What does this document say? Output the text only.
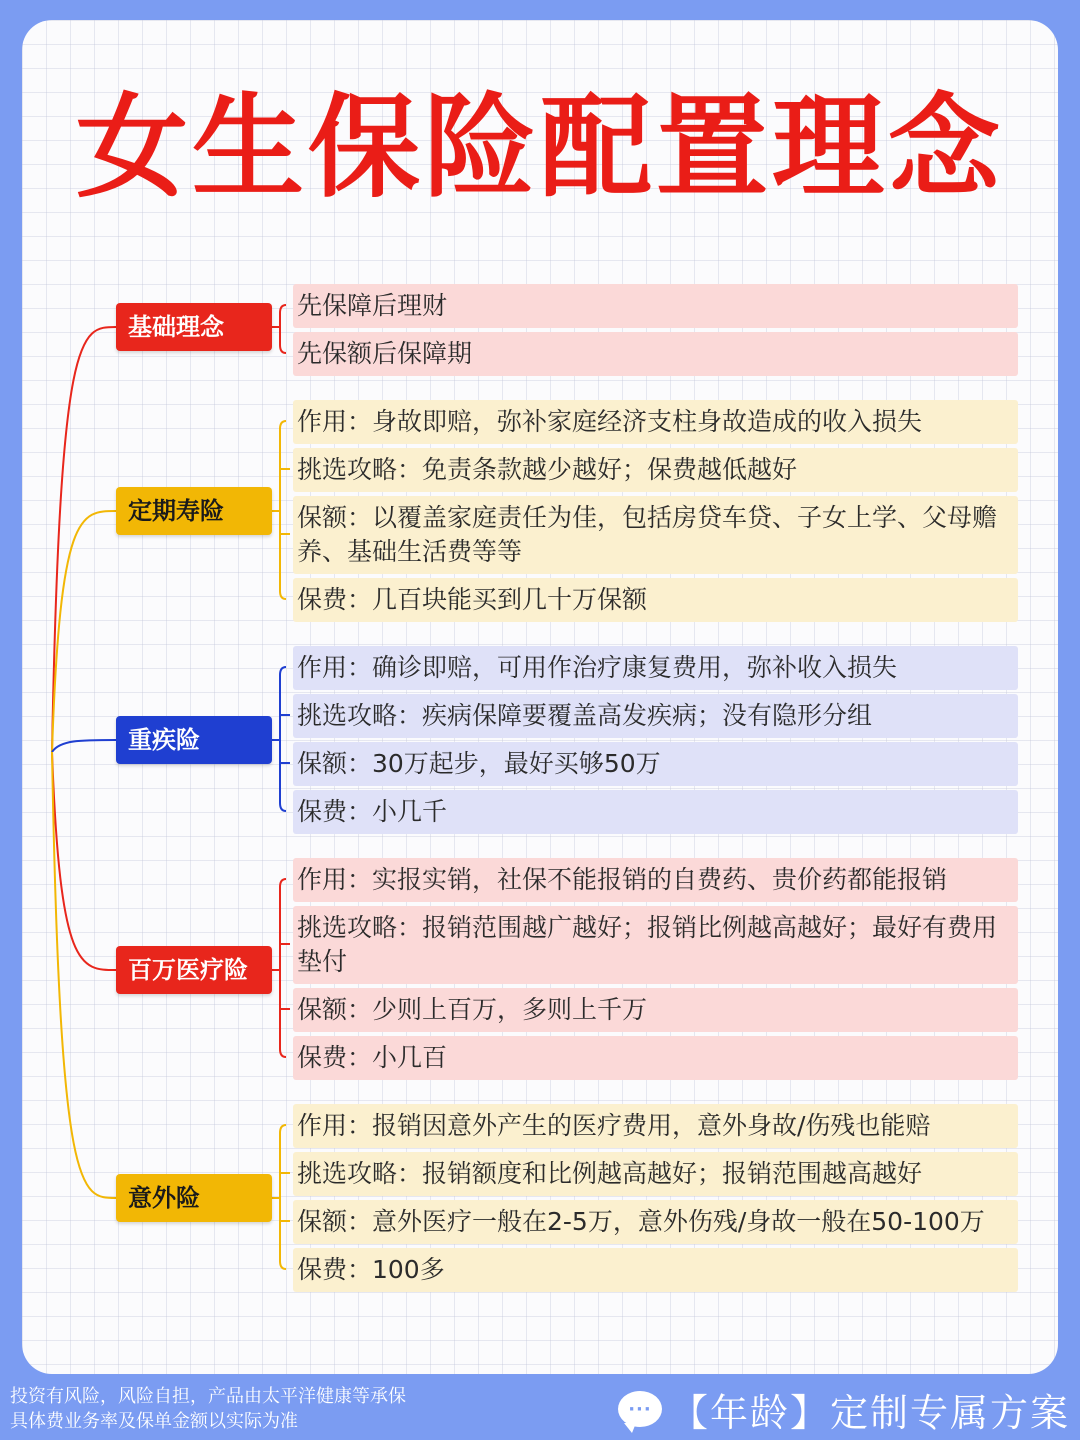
女生保险配置理念
基础理念
先保障后理财
先保额后保障期
定期寿险
作用：身故即赔，弥补家庭经济支柱身故造成的收入损失
挑选攻略：免责条款越少越好；保费越低越好
保额：以覆盖家庭责任为佳，包括房贷车贷、子女上学、父母赡养、基础生活费等等
保费：几百块能买到几十万保额
重疾险
作用：确诊即赔，可用作治疗康复费用，弥补收入损失
挑选攻略：疾病保障要覆盖高发疾病；没有隐形分组
保额：30万起步，最好买够50万
保费：小几千
百万医疗险
作用：实报实销，社保不能报销的自费药、贵价药都能报销
挑选攻略：报销范围越广越好；报销比例越高越好；最好有费用垫付
保额：少则上百万，多则上千万
保费：小几百
意外险
作用：报销因意外产生的医疗费用，意外身故/伤残也能赔
挑选攻略：报销额度和比例越高越好；报销范围越高越好
保额：意外医疗一般在2-5万，意外伤残/身故一般在50-100万
保费：100多
投资有风险，风险自担，产品由太平洋健康等承保
具体费业务率及保单金额以实际为准
··· 【年龄】定制专属方案
